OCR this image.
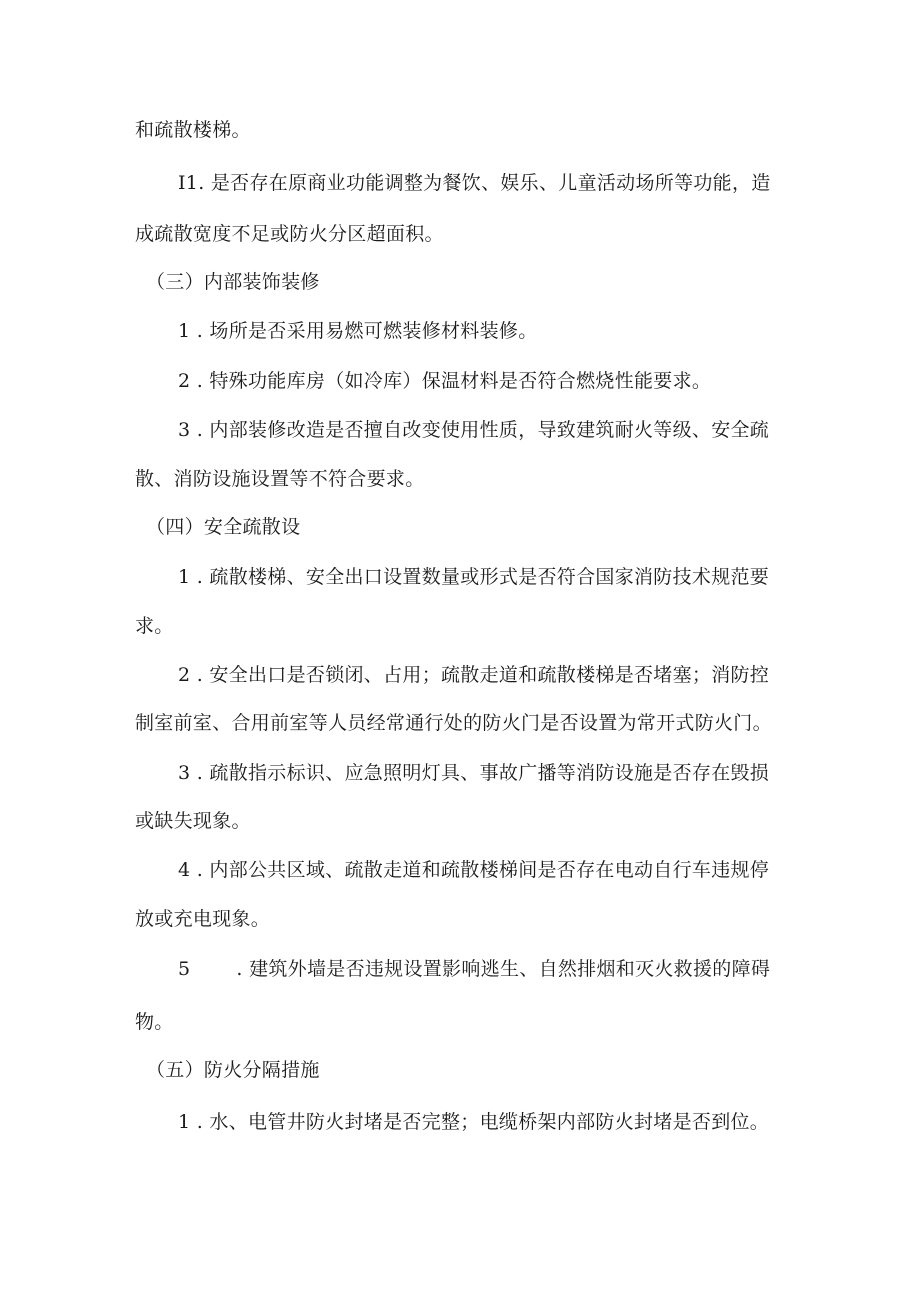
和疏散楼梯。
I1. 是否存在原商业功能调整为餐饮、娱乐、儿童活动场所等功能，造
成疏散宽度不足或防火分区超面积。
（三）内部装饰装修
1 . 场所是否采用易燃可燃装修材料装修。
2 . 特殊功能库房（如冷库）保温材料是否符合燃烧性能要求。
3 . 内部装修改造是否擅自改变使用性质，导致建筑耐火等级、安全疏
散、消防设施设置等不符合要求。
（四）安全疏散设
1 . 疏散楼梯、安全出口设置数量或形式是否符合国家消防技术规范要
求。
2 . 安全出口是否锁闭、占用；疏散走道和疏散楼梯是否堵塞；消防控
制室前室、合用前室等人员经常通行处的防火门是否设置为常开式防火门。
3 . 疏散指示标识、应急照明灯具、事故广播等消防设施是否存在毁损
或缺失现象。
4 . 内部公共区域、疏散走道和疏散楼梯间是否存在电动自行车违规停
放或充电现象。
5 . 建筑外墙是否违规设置影响逃生、自然排烟和灭火救援的障碍
物。
（五）防火分隔措施
1 . 水、电管井防火封堵是否完整；电缆桥架内部防火封堵是否到位。
